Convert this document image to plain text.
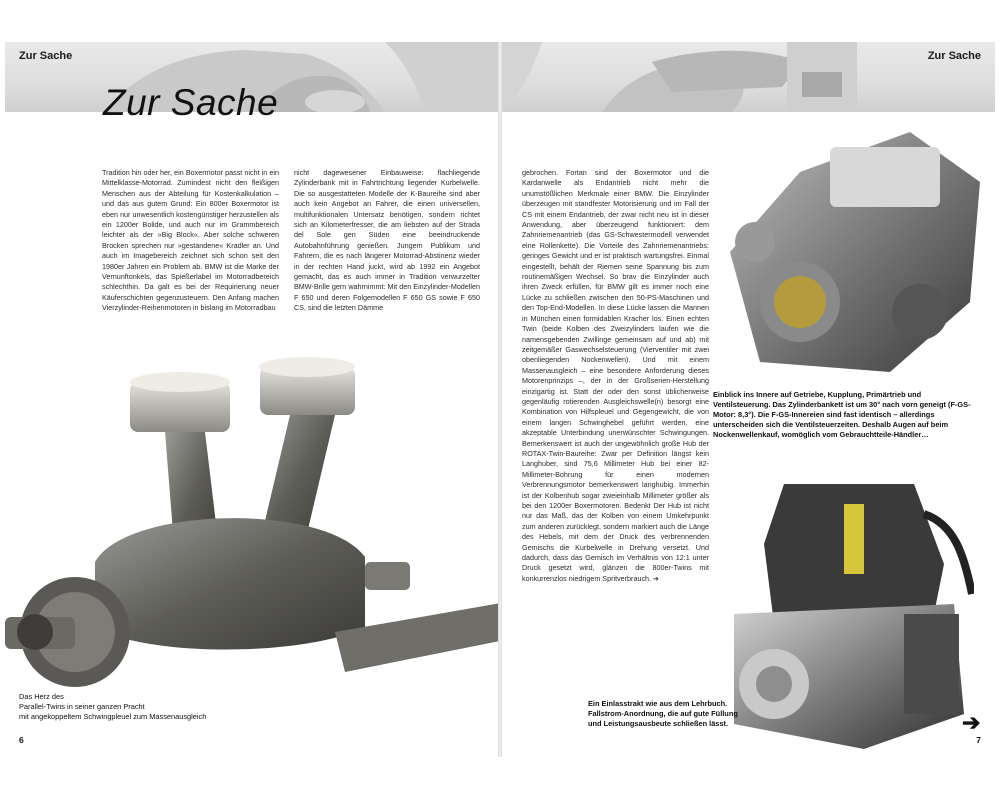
Zur Sache
Zur Sache

Tradition hin oder her, ein Boxermotor passt nicht in ein Mittelklasse-Motorrad. Zumindest nicht den fleißigen Menschen aus der Abteilung für Kostenkalkulation – und das aus gutem Grund: Ein 800er Boxermotor ist eben nur unwesentlich kostengünstiger herzustellen als ein 1200er Bolide, und auch nur im Grammbereich leichter als der »Big Block«. Aber solche schweren Brocken sprechen nur »gestandene« Kradler an. Und auch im Imagebereich zeichnet sich schon seit den 1980er Jahren ein Problem ab. BMW ist die Marke der Vernunftonkels, das Spießerlabel im Motorradbereich schlechthin. Da galt es bei der Requirierung neuer Käuferschichten gegenzusteuern. Den Anfang machen Vierzylinder-Reihenmotoren in bislang im Motorradbau

nicht dagewesener Einbauweise: flachliegende Zylinderbank mit in Fahrtrichtung liegender Kurbelwelle. Die so ausgestatteten Modelle der K-Baureihe sind aber auch kein Angebot an Fahrer, die einen universellen, multifunktionalen Untersatz benötigen, sondern richtet sich an Kilometerfresser, die am liebsten auf der Strada del Sole gen Süden eine beeindruckende Autobahnführung genießen. Jungem Publikum und Fahrern, die es nach längerer Motorrad-Abstinenz wieder in der rechten Hand juckt, wird ab 1992 ein Angebot gemacht, das es auch immer in Tradition verwurzelter BMW-Brille gern wahrnimmt: Mit den Einzylinder-Modellen F 650 und deren Folgemodellen F 650 GS sowie F 650 CS, sind die letzten Dämme

Das Herz des
Parallel-Twins in seiner ganzen Pracht
mit angekoppeltem Schwingpleuel zum Massenausgleich
6
Zur Sache

gebrochen. Fortan sind der Boxermotor und die Kardanwelle als Endantrieb nicht mehr die unumstößlichen Merkmale einer BMW. Die Einzylinder überzeugen mit standfester Motorisierung und im Fall der CS mit einem Endantrieb, der zwar nicht neu ist in dieser Anwendung, aber überzeugend funktioniert: dem Zahnriemenantrieb (das GS-Schwestermodell verwendet eine Rollenkette). Die Vorteile des Zahnriemenantriebs: geringes Gewicht und er ist praktisch wartungsfrei. Einmal eingestellt, behält der Riemen seine Spannung bis zum routinemäßigen Wechsel. So brav die Einzylinder auch ihren Zweck erfüllen, für BMW gilt es immer noch eine Lücke zu schließen zwischen den 50-PS-Maschinen und den Top-End-Modellen. In diese Lücke lassen die Mannen in München einen formidablen Kracher los. Einen echten Twin (beide Kolben des Zweizylinders laufen wie die namensgebenden Zwillinge gemeinsam auf und ab) mit zeitgemäßer Gaswechselsteuerung (Vierventiler mit zwei obenliegenden Nockenwellen). Und mit einem Massenausgleich – eine besondere Anforderung dieses Motorenprinzips –, der in der Großserien-Herstellung einzigartig ist. Statt der oder den sonst üblicherweise gegenläufig rotierenden Ausgleichswelle(n) besorgt eine Kombination von Hilfspleuel und Gegengewicht, die von einem langen Schwinghebel geführt werden, eine akzeptable Unterbindung unerwünschter Schwingungen. Bemerkenswert ist auch der ungewöhnlich große Hub der ROTAX-Twin-Baureihe: Zwar per Definition längst kein Langhuber, sind 75,6 Millimeter Hub bei einer 82-Millimeter-Bohrung für einen modernen Verbrennungsmotor bemerkenswert langhubig. Immerhin ist der Kolbenhub sogar zweieinhalb Millimeter größer als bei den 1200er Boxermotoren. Bedenkt Der Hub ist nicht nur das Maß, das der Kolben von einem Umkehrpunkt zum anderen zurücklegt, sondern markiert auch die Länge des Hebels, mit dem der Druck des verbrennenden Gemischs die Kurbelwelle in Drehung versetzt. Und dadurch, dass das Gemisch im Verhältnis von 12:1 unter Druck gesetzt wird, glänzen die 800er-Twins mit konkurrenzlos niedrigem Spritverbrauch. ➔

Einblick ins Innere auf Getriebe, Kupplung, Primärtrieb und Ventilsteuerung. Das Zylinderbankett ist um 30° nach vorn geneigt (F-GS-Motor: 8,3°). Die F-GS-Innereien sind fast identisch – allerdings unterscheiden sich die Ventilsteuerzeiten. Deshalb Augen auf beim Nockenwellenkauf, womöglich vom Gebrauchtteile-Händler…
Ein Einlasstrakt wie aus dem Lehrbuch.
Fallstrom-Anordnung, die auf gute Füllung
und Leistungsausbeute schließen lässt.	➔
7
